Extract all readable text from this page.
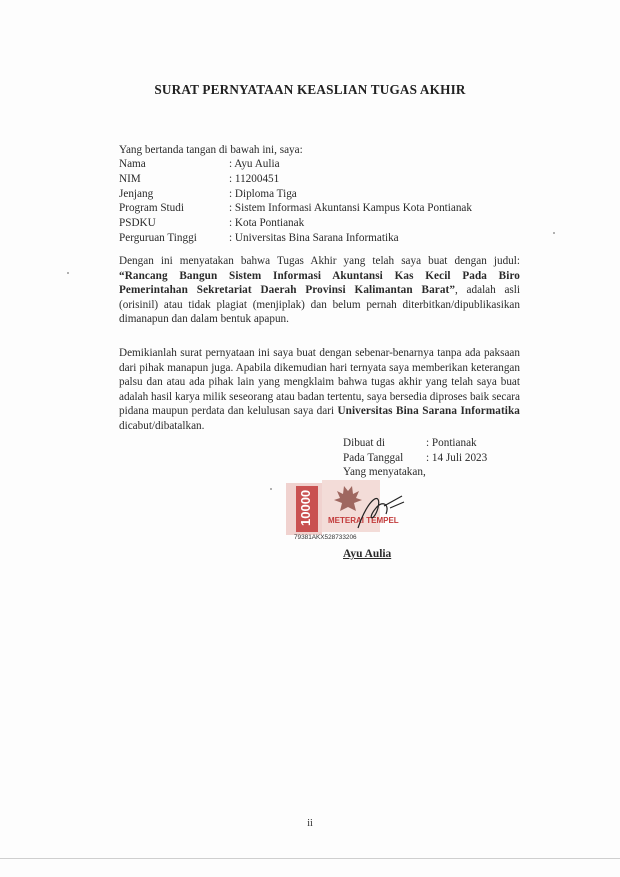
SURAT PERNYATAAN KEASLIAN TUGAS AKHIR
Yang bertanda tangan di bawah ini, saya:
Nama	: Ayu Aulia
NIM	: 11200451
Jenjang	: Diploma Tiga
Program Studi	: Sistem Informasi Akuntansi Kampus Kota Pontianak
PSDKU	: Kota Pontianak
Perguruan Tinggi	: Universitas Bina Sarana Informatika
Dengan ini menyatakan bahwa Tugas Akhir yang telah saya buat dengan judul: “Rancang Bangun Sistem Informasi Akuntansi Kas Kecil Pada Biro Pemerintahan Sekretariat Daerah Provinsi Kalimantan Barat”, adalah asli (orisinil) atau tidak plagiat (menjiplak) dan belum pernah diterbitkan/dipublikasikan dimanapun dan dalam bentuk apapun.
Demikianlah surat pernyataan ini saya buat dengan sebenar-benarnya tanpa ada paksaan dari pihak manapun juga. Apabila dikemudian hari ternyata saya memberikan keterangan palsu dan atau ada pihak lain yang mengklaim bahwa tugas akhir yang telah saya buat adalah hasil karya milik seseorang atau badan tertentu, saya bersedia diproses baik secara pidana maupun perdata dan kelulusan saya dari Universitas Bina Sarana Informatika dicabut/dibatalkan.
Dibuat di	: Pontianak
Pada Tanggal	: 14 Juli 2023
Yang menyatakan,
10000 METERAI TEMPEL
79381AKX528733206
Ayu Aulia
ii
